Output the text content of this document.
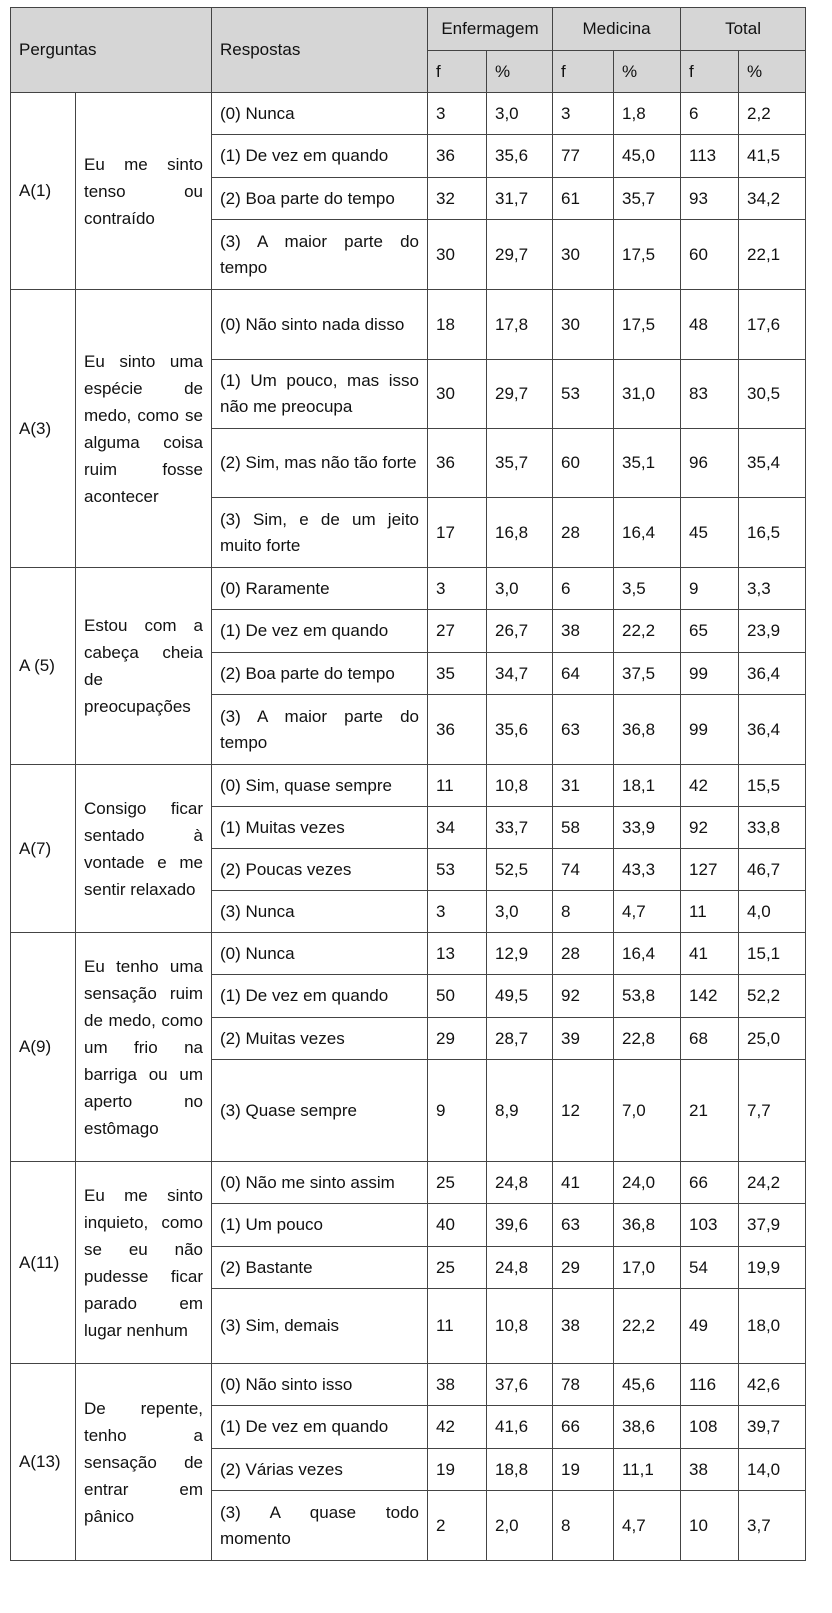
Perguntas		Respostas	Enfermagem		Medicina		Total	
			f	%	f	%	f	%
A(1)	Eu me sinto tenso ou contraído	(0) Nunca	3	3,0	3	1,8	6	2,2
		(1) De vez em quando	36	35,6	77	45,0	113	41,5
		(2) Boa parte do tempo	32	31,7	61	35,7	93	34,2
		(3) A maior parte do tempo	30	29,7	30	17,5	60	22,1
A(3)	Eu sinto uma espécie de medo, como se alguma coisa ruim fosse acontecer	(0) Não sinto nada disso	18	17,8	30	17,5	48	17,6
		(1) Um pouco, mas isso não me preocupa	30	29,7	53	31,0	83	30,5
		(2) Sim, mas não tão forte	36	35,7	60	35,1	96	35,4
		(3) Sim, e de um jeito muito forte	17	16,8	28	16,4	45	16,5
A (5)	Estou com a cabeça cheia de preocupações	(0) Raramente	3	3,0	6	3,5	9	3,3
		(1) De vez em quando	27	26,7	38	22,2	65	23,9
		(2) Boa parte do tempo	35	34,7	64	37,5	99	36,4
		(3) A maior parte do tempo	36	35,6	63	36,8	99	36,4
A(7)	Consigo ficar sentado à vontade e me sentir relaxado	(0) Sim, quase sempre	11	10,8	31	18,1	42	15,5
		(1) Muitas vezes	34	33,7	58	33,9	92	33,8
		(2) Poucas vezes	53	52,5	74	43,3	127	46,7
		(3) Nunca	3	3,0	8	4,7	11	4,0
A(9)	Eu tenho uma sensação ruim de medo, como um frio na barriga ou um aperto no estômago	(0) Nunca	13	12,9	28	16,4	41	15,1
		(1) De vez em quando	50	49,5	92	53,8	142	52,2
		(2) Muitas vezes	29	28,7	39	22,8	68	25,0
		(3) Quase sempre	9	8,9	12	7,0	21	7,7
A(11)	Eu me sinto inquieto, como se eu não pudesse ficar parado em lugar nenhum	(0) Não me sinto assim	25	24,8	41	24,0	66	24,2
		(1) Um pouco	40	39,6	63	36,8	103	37,9
		(2) Bastante	25	24,8	29	17,0	54	19,9
		(3) Sim, demais	11	10,8	38	22,2	49	18,0
A(13)	De repente, tenho a sensação de entrar em pânico	(0) Não sinto isso	38	37,6	78	45,6	116	42,6
		(1) De vez em quando	42	41,6	66	38,6	108	39,7
		(2) Várias vezes	19	18,8	19	11,1	38	14,0
		(3) A quase todo momento	2	2,0	8	4,7	10	3,7
